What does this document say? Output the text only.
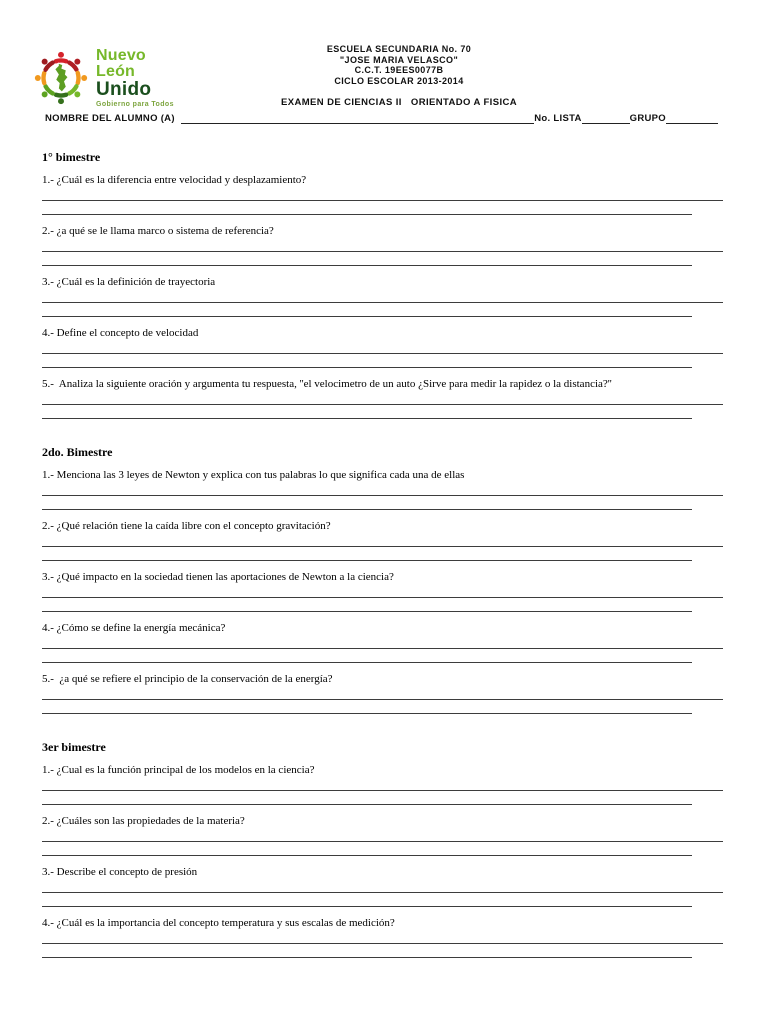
Nuevo
León
Unido
Gobierno para Todos
ESCUELA SECUNDARIA No. 70
"JOSE MARIA VELASCO"
C.C.T. 19EES0077B
CICLO ESCOLAR 2013-2014
EXAMEN DE CIENCIAS II   ORIENTADO A FISICA
NOMBRE DEL ALUMNO (A)	No. LISTA	GRUPO
1° bimestre
1.- ¿Cuál es la diferencia entre velocidad y desplazamiento?
2.- ¿a qué se le llama marco o sistema de referencia?
3.- ¿Cuál es la definición de trayectoria
4.- Define el concepto de velocidad
5.-  Analiza la siguiente oración y argumenta tu respuesta, ''el velocimetro de un auto ¿Sirve para medir la rapidez o la distancia?''
2do. Bimestre
1.- Menciona las 3 leyes de Newton y explica con tus palabras lo que significa cada una de ellas
2.- ¿Qué relación tiene la caída libre con el concepto gravitación?
3.- ¿Qué impacto en la sociedad tienen las aportaciones de Newton a la ciencia?
4.- ¿Cómo se define la energía mecánica?
5.-  ¿a qué se refiere el principio de la conservación de la energía?
3er bimestre
1.- ¿Cual es la función principal de los modelos en la ciencia?
2.- ¿Cuáles son las propiedades de la materia?
3.- Describe el concepto de presión
4.- ¿Cuál es la importancia del concepto temperatura y sus escalas de medición?
